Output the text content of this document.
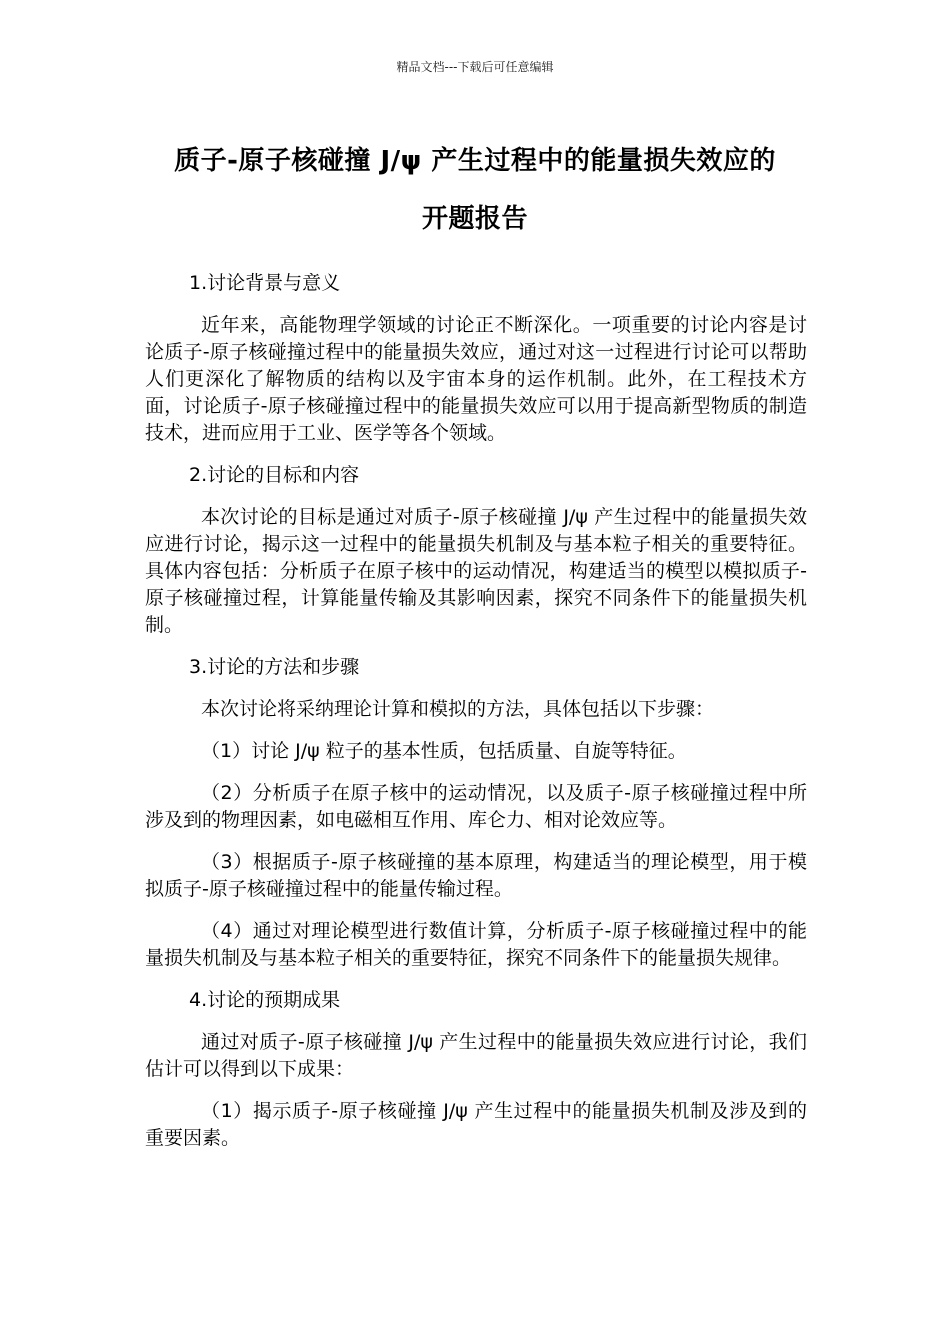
精品文档---下载后可任意编辑
质子-原子核碰撞 J/ψ 产生过程中的能量损失效应的
开题报告
1.讨论背景与意义
近年来，高能物理学领域的讨论正不断深化。一项重要的讨论内容是讨论质子-原子核碰撞过程中的能量损失效应，通过对这一过程进行讨论可以帮助人们更深化了解物质的结构以及宇宙本身的运作机制。此外，在工程技术方面，讨论质子-原子核碰撞过程中的能量损失效应可以用于提高新型物质的制造技术，进而应用于工业、医学等各个领域。
2.讨论的目标和内容
本次讨论的目标是通过对质子-原子核碰撞 J/ψ 产生过程中的能量损失效应进行讨论，揭示这一过程中的能量损失机制及与基本粒子相关的重要特征。具体内容包括：分析质子在原子核中的运动情况，构建适当的模型以模拟质子-原子核碰撞过程，计算能量传输及其影响因素，探究不同条件下的能量损失机制。
3.讨论的方法和步骤
本次讨论将采纳理论计算和模拟的方法，具体包括以下步骤：
（1）讨论 J/ψ 粒子的基本性质，包括质量、自旋等特征。
（2）分析质子在原子核中的运动情况，以及质子-原子核碰撞过程中所涉及到的物理因素，如电磁相互作用、库仑力、相对论效应等。
（3）根据质子-原子核碰撞的基本原理，构建适当的理论模型，用于模拟质子-原子核碰撞过程中的能量传输过程。
（4）通过对理论模型进行数值计算，分析质子-原子核碰撞过程中的能量损失机制及与基本粒子相关的重要特征，探究不同条件下的能量损失规律。
4.讨论的预期成果
通过对质子-原子核碰撞 J/ψ 产生过程中的能量损失效应进行讨论，我们估计可以得到以下成果：
（1）揭示质子-原子核碰撞 J/ψ 产生过程中的能量损失机制及涉及到的重要因素。
